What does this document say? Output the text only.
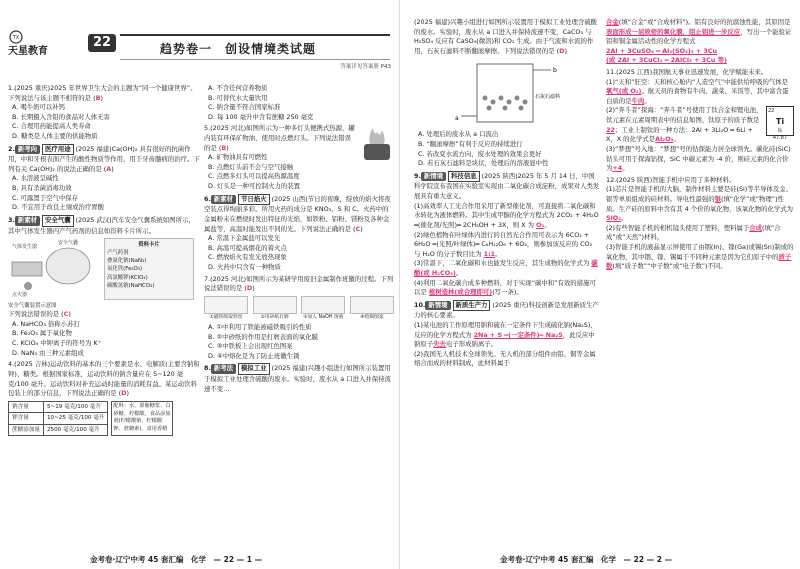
TX
天星教育
22	趋势卷一　创设情境类试题
答案详见答案册 P43
1.(2025 重庆)2025 年世界卫生大会的主题为“同一个健康世界”。下列说法与该主题不相符的是 (B)
A. 喝牛奶可以补钙
B. 长期摄入含铅的食品对人体无害
C. 合理用药能提高人类寿命
D. 糖类是人体主要的供能物质
2. 新考向 医疗用途 (2025 福建)Ca(OH)₂ 具有很好的抗菌作用，中和牙根表面产生的酸性物质等作用，用于牙齿髓病的治疗。下列有关 Ca(OH)₂ 的说法正确的是 (A)
A. 水溶液呈碱性
B. 具有杀菌消毒功效
C. 可露置于空气中保存
D. 不宜用于改良土壤或治疗胃酸
3. 新素材 安全气囊 (2025 武汉)汽车安全气囊系统如图所示，其中气体发生器内产气药剂的信息如资料卡片所示。
气体发生器
安全气囊
点火器
资料卡片
产气药剂
叠氮化钠(NaN₃)
氧化铁(Fe₂O₃)
高氯酸钾(KClO₄)
碳酸氢钠(NaHCO₃)
安全气囊装置示意图
下列说法错误的是 (C)
A. NaHCO₃ 俗称小苏打
B. Fe₂O₃ 属于氧化物
C. KClO₄ 中钾离子的符号为 K⁺
D. NaN₃ 由三种元素组成
4.(2025 吉林)运动饮料的基本的三个要素是水、电解质(主要含钠和钾)、糖类。根据国家标准，运动饮料的钠含量应在 5~120 毫克/100 毫升。运动饮料对补充运动时能量的消耗有益。某运动饮料包装上的部分信息，下列说法正确的是 (D)
钠含量	5~19 毫克/100 毫升
钾含量	10~25 毫克/100 毫升
蔗糖添加量	2500 毫克/100 毫升
配料：水、果葡糖浆、白砂糖、柠檬酸、食品添加剂(柠檬酸钠、柠檬酸钾、蔗糖素)、食用香精
A. 不含任何营养物质
B. 可替代水大量饮用
C. 钠含量不符合国家标准
D. 每 100 毫升中含有蔗糖 250 毫克
5.(2025 河北)如图所示为一种多灯头便携式热源，罐内装有环保矿物油，使用时点燃灯头。下列说法错误的是 (B)
A. 矿物油具有可燃性
B. 点燃灯头前不会与空气接触
C. 点燃多灯头可以提高热源温度
D. 灯头是一种可控制火力的装置
6. 新素材 节日焰火 (2025 山西)节日的夜晚，绽放的焰火将夜空装点得绚丽多彩。所用火药的成分是 KNO₃、S 和 C。火药中的金属粉末在燃烧时发出特征的光焰，如铁粉、铝粉、镁粉及各种金属盐等，高温时能发出不同的光。下列说法正确的是 (C)
A. 常温下金属盐可以发光
B. 高温可提高烟花的着火点
C. 燃放焰火有发光放热现象
D. 火药中只含有一种物质
7.(2025 河北)如图所示为某研学用废旧金属制作班徽的过程。下列说法错误的是 (D)
①磁铁吸取铁丝	②用砂纸打磨	③加入 NaOH 溶液	④绘制图案
A. ①中利用了铁能被磁铁吸引的性质
B. ②中砂纸的作用是打磨表面的氧化膜
C. ③中铁板上会出现红色图案
D. ④中熔化是为了防止班徽生锈
8. 新考法 模拟工业 (2025 福建)兴趣小组进行如图所示装置用于模拟工业处理含硫酸的废水。实验时，废水从 a 口进入并保持流速不变…
金考卷·辽宁中考 45 套汇编　化学　— 22 — 1 —
(2025 福建)兴趣小组进行如图所示装置用于模拟工业处理含硫酸的废水。实验时，废水从 a 口进入并保持流速不变，CaCO₃ 与 H₂SO₄ 反应有 CaSO₄(微溶)和 CO₂ 生成。由于气流和水流的作用，石灰石滤料不断翻滚摩擦。下列说法错误的是 (D)
a
b
石灰石滤料
A. 处理后的废水从 a 口流出
B. “翻滚摩擦”有利于反应的持续进行
C. 若改变水流方向，废水处理的效果会更好
D. 若石灰石滤料是块状，处理后的溶液显中性
9. 新情境 科技信息 (2025 陕西)2025 年 5 月 14 日，中国科学院宣布我国在实验室实现由二氧化碳合成淀粉，成果对人类发展具有重大意义。
(1)高效率人工光合作用采用了新型催化剂，可直接将二氧化碳和水转化为液体燃料。其中生成甲醇的化学方程式为 2CO₂ + 4H₂O ═(催化剂/光照)═ 2CH₃OH + 3X，则 X 为 O₂。
(2)绿色植物在叶绿体内进行的自然光合作用可表示为 6CO₂ + 6H₂O ═(光照/叶绿体)═ C₆H₁₂O₆ + 6O₂，则参加该反应的 CO₂ 与 H₂O 的分子数目比为 1:1。
(3)常温下，二氧化碳和水也能发生反应，其生成物的化学式为 碳酸(或 H₂CO₃)。
(4)利用二氧化碳合成多种燃料，对于实现“碳中和”有效的措施可以是 植树造林(或合理即可)(写一条)。
10. 新情境 新质生产力 (2025 重庆)科技创新是发展新质生产力的核心要素。
(1)某电池的工作原理用钠和硫在一定条件下生成硫化钠(Na₂S)，反应的化学方程式为 2Na + S ═(一定条件)═ Na₂S，此反应中钠原子失去电子形成钠离子。
(2)我国无人机技术全球领先。无人机的部分组件由铝、铜等金属熔合而成的材料制成，此材料属于
合金(填“合金”或“合成材料”)。铝有良好的抗腐蚀性能，其原因是 表面形成一层致密的氧化膜，阻止铝进一步反应，写出一个能验证铝和铜金属活动性的化学方程式
2Al + 3CuSO₄ ═ Al₂(SO₄)₃ + 3Cu
(或 2Al + 3CuCl₂ ═ 2AlCl₃ + 3Cu 等)
11.(2025 江西)我国航天事业迅速发展，化学赋能未来。
(1)“天和”驻空：天和核心舱内“人造空气”中能供给呼吸的气体是氧气(或 O₂)。航天员的食物有牛肉、蔬菜、米饭等，其中富含蛋白质的是牛肉。
22
Ti
钛
47.87
(2)“奔斗者”探海：“奔斗者”号使用了钛合金和锂电池，钛元素在元素周期表中的信息如图，钛原子的质子数是22；工业上制钛的一种方法：2Al + 3Li₂O ═ 6Li + X，X 的化学式是Al₂O₃。
(3)“梦想”号入地：“梦想”号的钻探能力居全球领先。碳化硅(SiC)钻头可用于探海钻探，SiC 中碳元素为 -4 价，则硅元素的化合价为+4。
12.(2025 陕西)智能手机中应用了多种材料。
(1)芯片是智能手机的大脑，制作材料主要是硅(Si)等半导体及金、银等单质组成的硅材料。导电性最强的银(填“化学”或“物理”)性质。生产硅的原料中含有其 4 个价的氧化物，该氧化物的化学式为SiO₂。
(2)有些智能手机的相机镜头使用了塑料，塑料属于合成(填“合成”或“天然”)材料。
(3)智能手机的液晶显示屏使用了由铟(In)、镓(Ga)或锡(Sn)制成的氧化物，其中铟、镓、锡属于不同种元素是因为它们原子中的质子数(填“质子数”“中子数”或“电子数”)不同。
金考卷·辽宁中考 45 套汇编　化学　— 22 — 2 —
